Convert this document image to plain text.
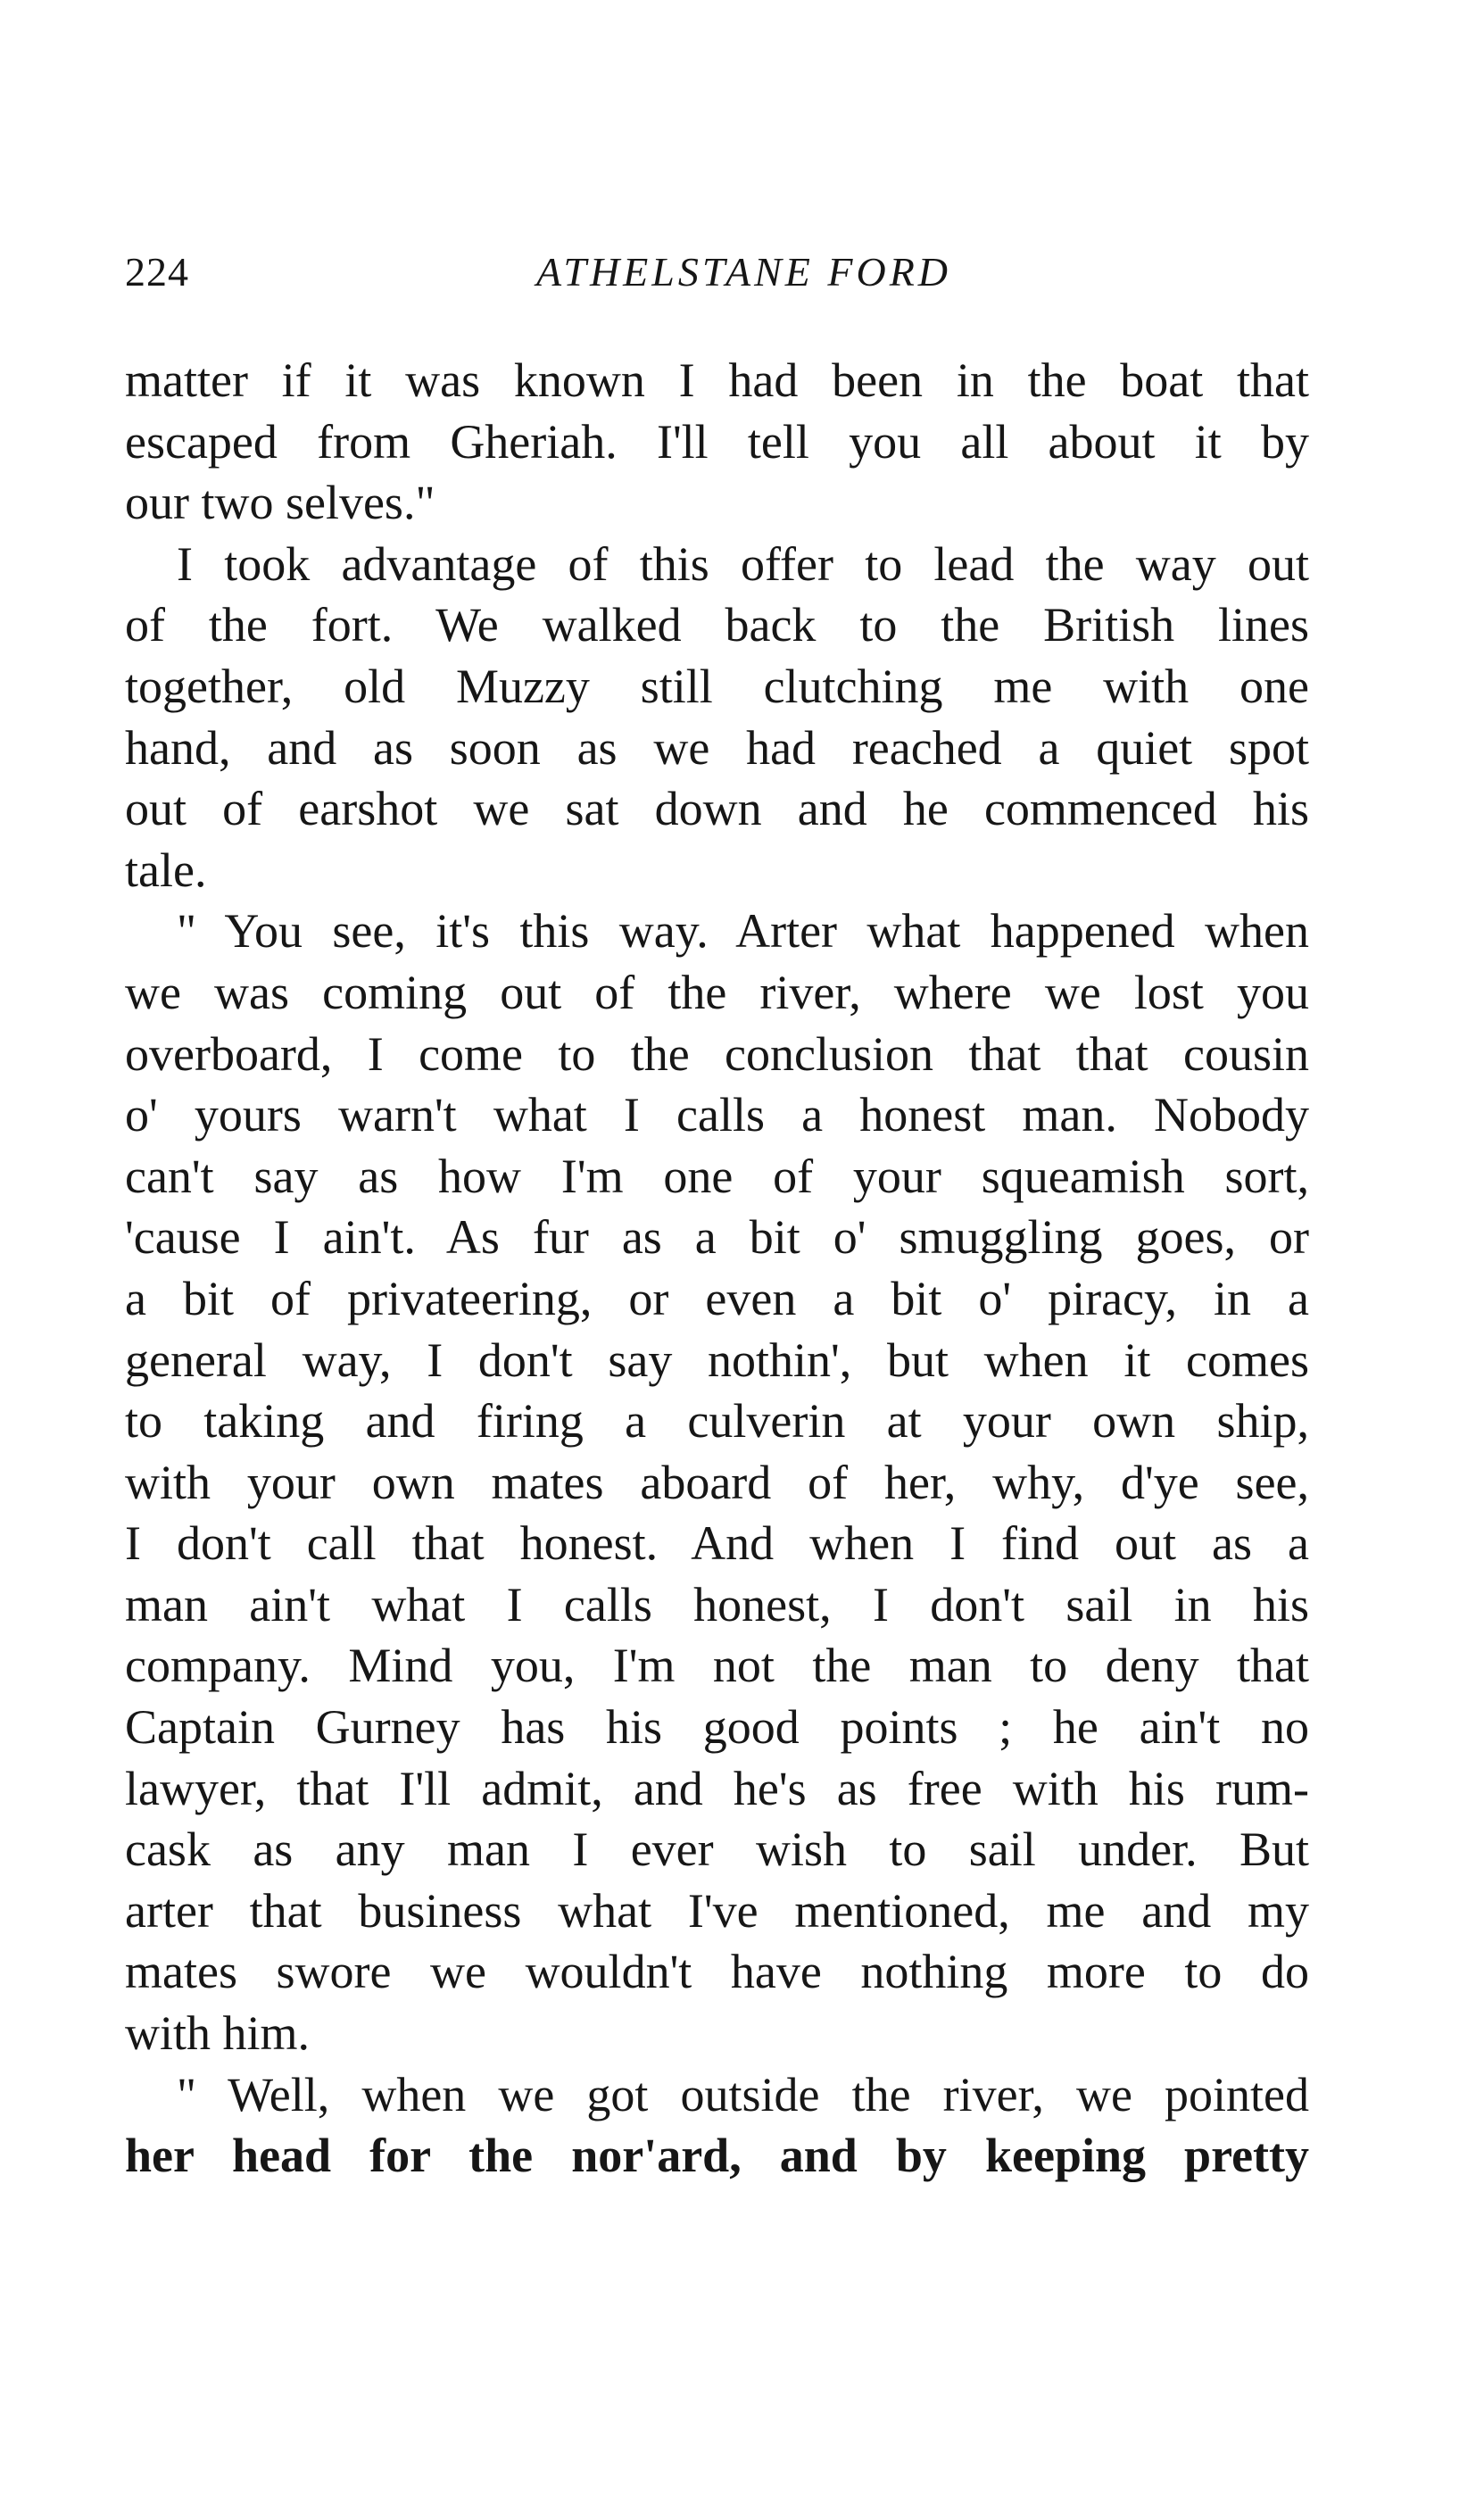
224	ATHELSTANE FORD
matter if it was known I had been in the boat that
escaped from Gheriah. I'll tell you all about it by
our two selves."
I took advantage of this offer to lead the way out
of the fort. We walked back to the British lines
together, old Muzzy still clutching me with one
hand, and as soon as we had reached a quiet spot
out of earshot we sat down and he commenced his
tale.
" You see, it's this way. Arter what happened when
we was coming out of the river, where we lost you
overboard, I come to the conclusion that that cousin
o' yours warn't what I calls a honest man. Nobody
can't say as how I'm one of your squeamish sort,
'cause I ain't. As fur as a bit o' smuggling goes, or
a bit of privateering, or even a bit o' piracy, in a
general way, I don't say nothin', but when it comes
to taking and firing a culverin at your own ship,
with your own mates aboard of her, why, d'ye see,
I don't call that honest. And when I find out as a
man ain't what I calls honest, I don't sail in his
company. Mind you, I'm not the man to deny that
Captain Gurney has his good points ; he ain't no
lawyer, that I'll admit, and he's as free with his rum-
cask as any man I ever wish to sail under. But
arter that business what I've mentioned, me and my
mates swore we wouldn't have nothing more to do
with him.
" Well, when we got outside the river, we pointed
her head for the nor'ard, and by keeping pretty
